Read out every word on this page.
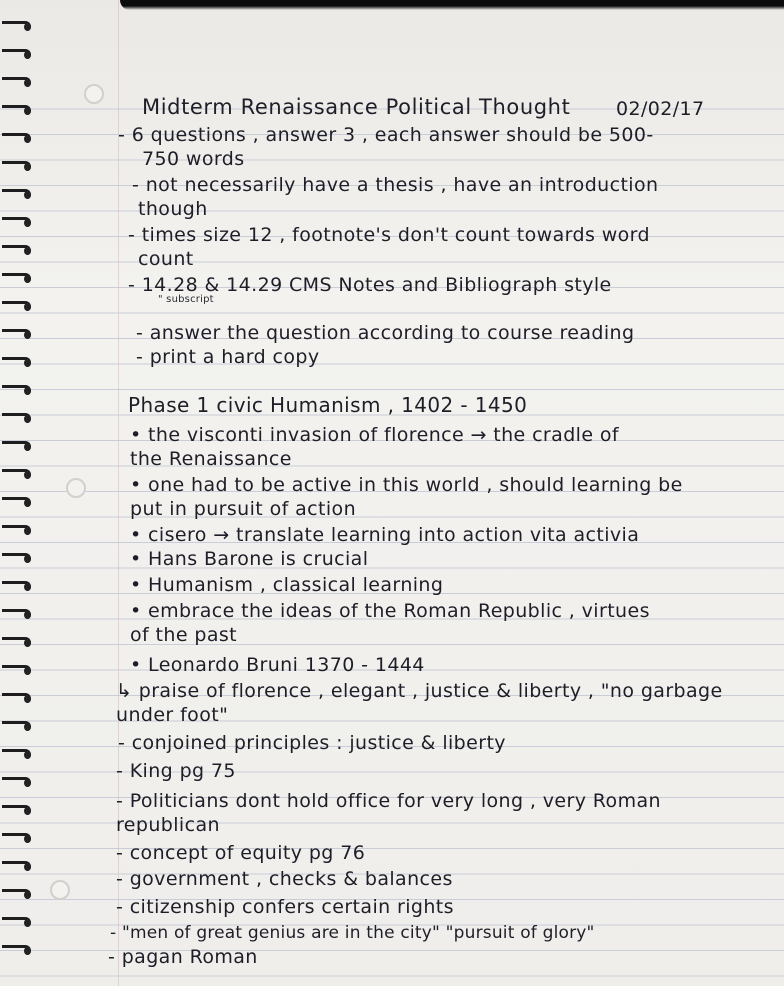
Midterm Renaissance Political Thought 02/02/17
- 6 questions , answer 3 , each answer should be 500-
750 words
- not necessarily have a thesis , have an introduction
though
- times size 12 , footnote's don't count towards word
count
- 14.28 & 14.29 CMS Notes and Bibliograph style
" subscript
- answer the question according to course reading
- print a hard copy
Phase 1 civic Humanism , 1402 - 1450
• the visconti invasion of florence → the cradle of
the Renaissance
• one had to be active in this world , should learning be
put in pursuit of action
• cisero → translate learning into action vita activia
• Hans Barone is crucial
• Humanism , classical learning
• embrace the ideas of the Roman Republic , virtues
of the past
• Leonardo Bruni 1370 - 1444
↳ praise of florence , elegant , justice & liberty , "no garbage
under foot"
- conjoined principles : justice & liberty
- King pg 75
- Politicians dont hold office for very long , very Roman
republican
- concept of equity pg 76
- government , checks & balances
- citizenship confers certain rights
- "men of great genius are in the city" "pursuit of glory"
- pagan Roman
